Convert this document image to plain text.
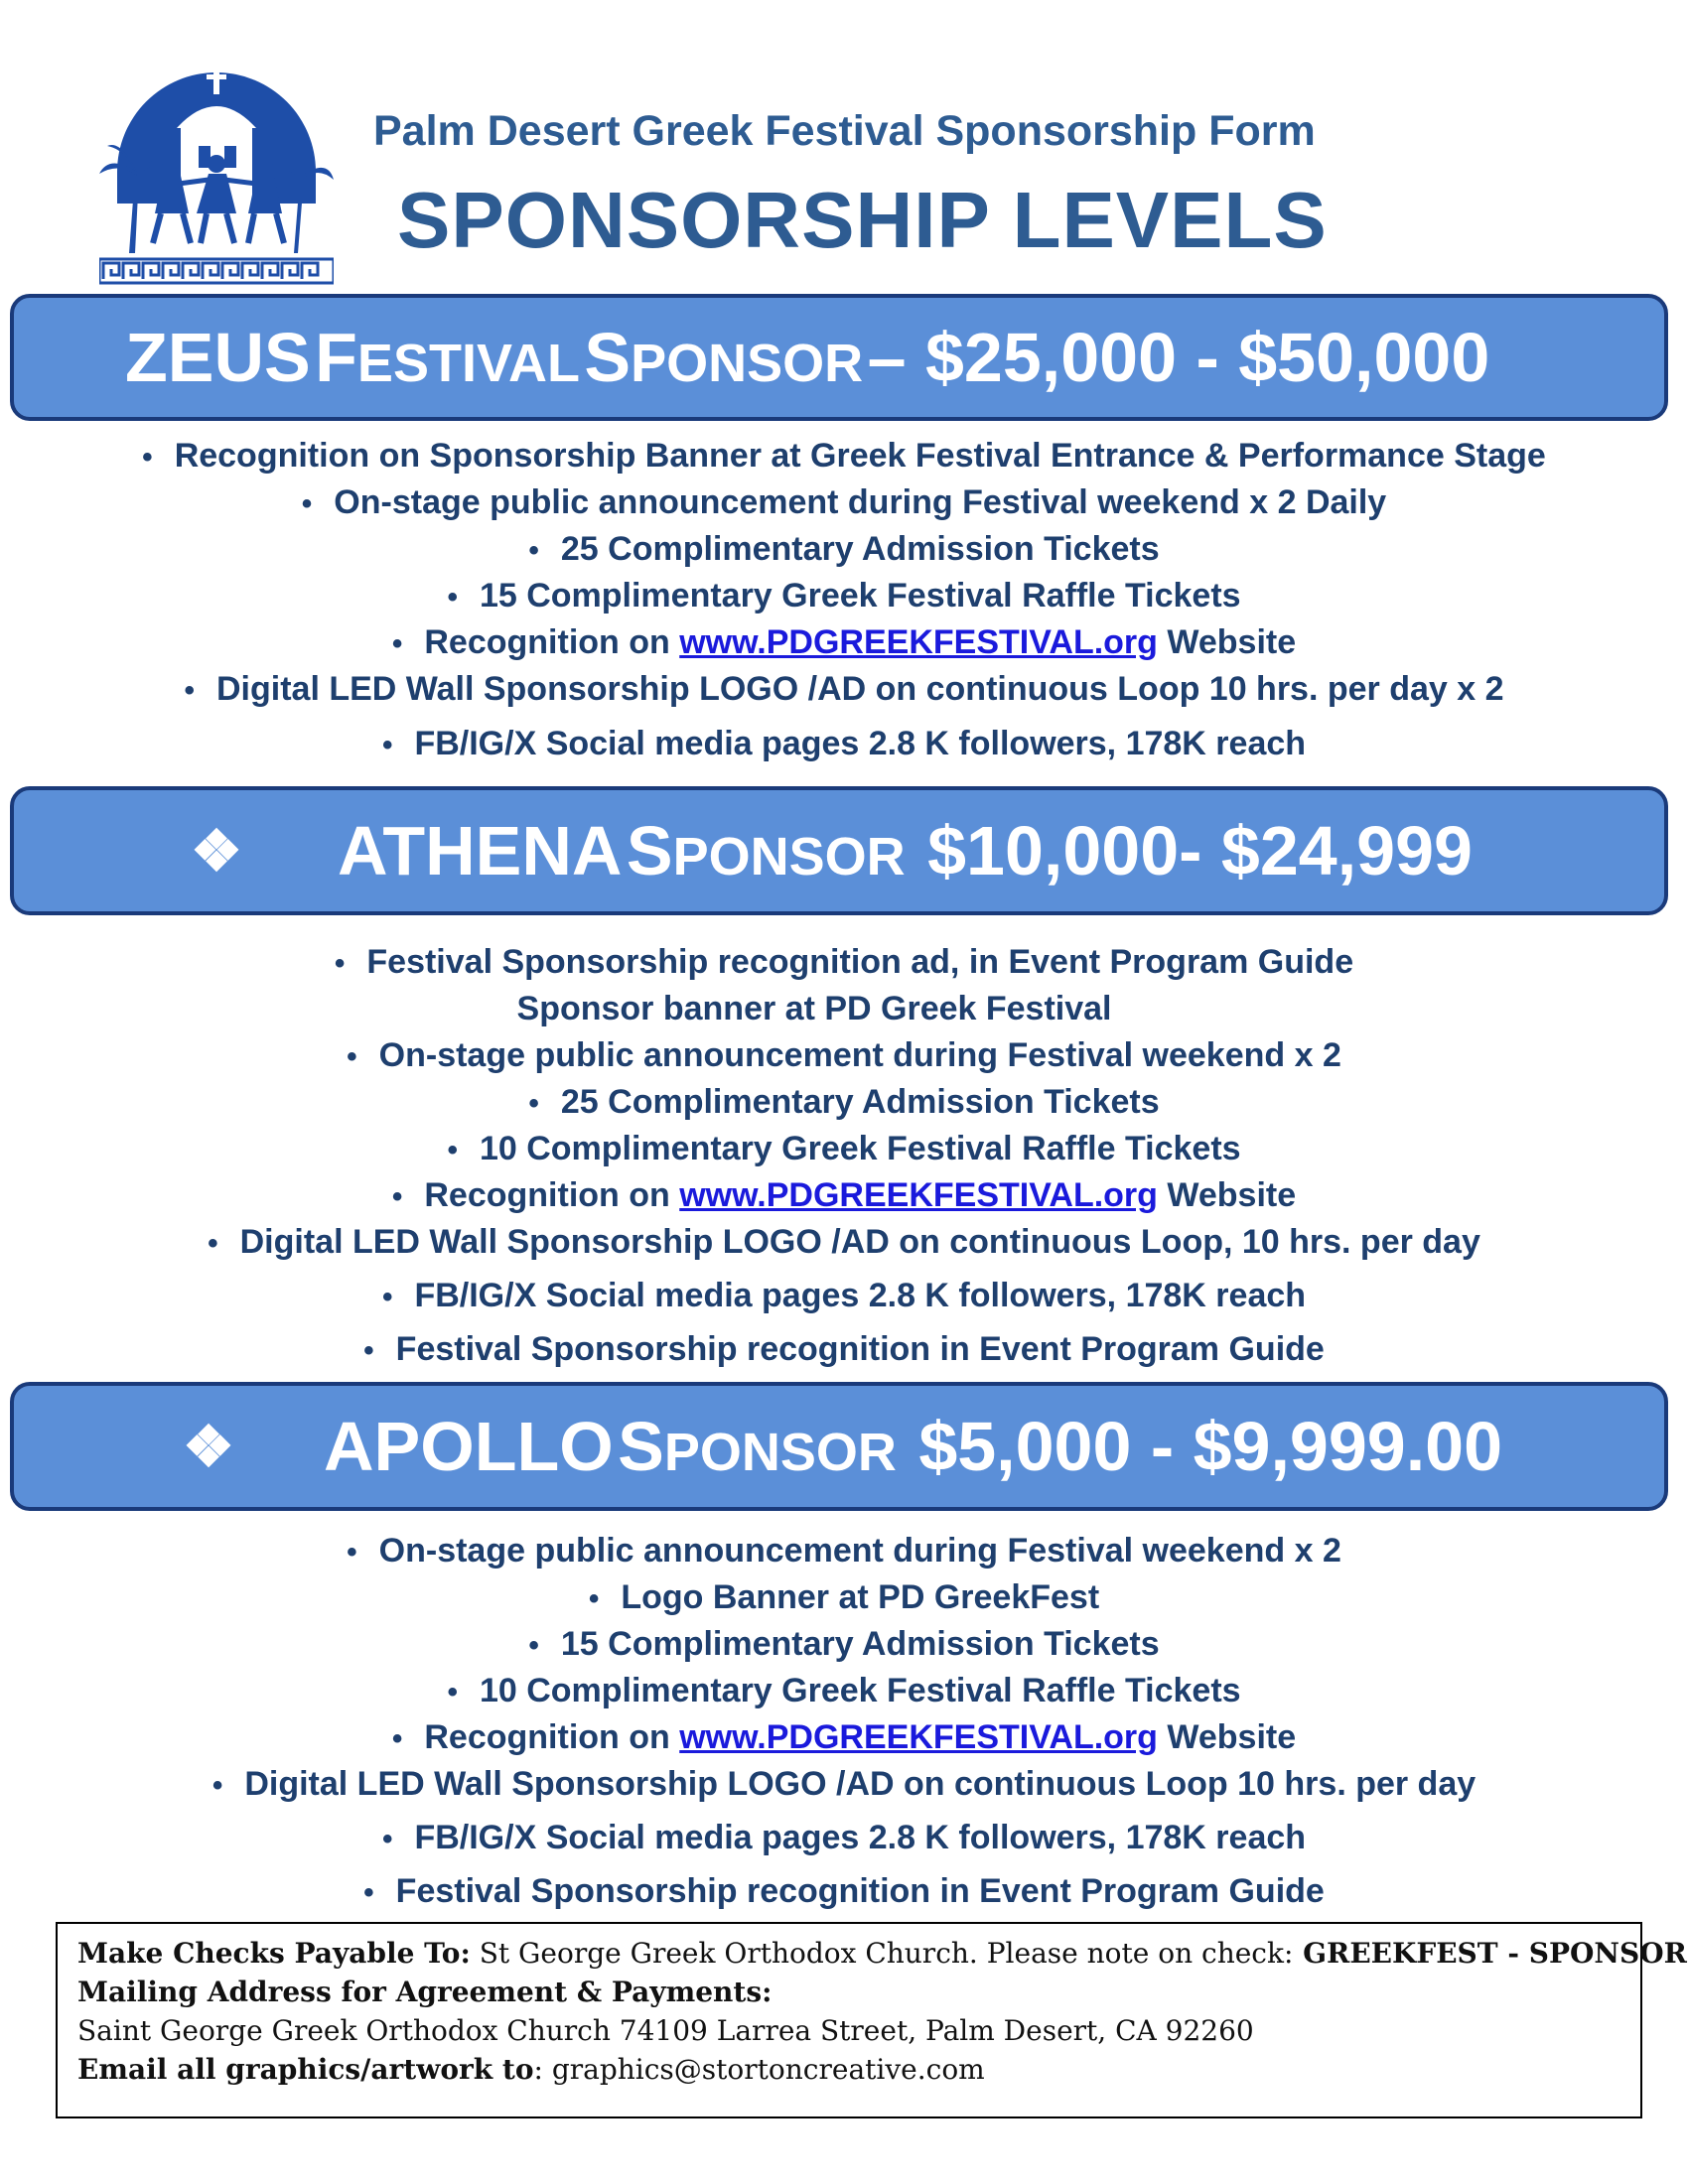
Palm Desert Greek Festival Sponsorship Form
SPONSORSHIP LEVELS
ZEUS FESTIVAL SPONSOR – $25,000 - $50,000
• Recognition on Sponsorship Banner at Greek Festival Entrance & Performance Stage
• On-stage public announcement during Festival weekend x 2 Daily
• 25 Complimentary Admission Tickets
• 15 Complimentary Greek Festival Raffle Tickets
• Recognition on www.PDGREEKFESTIVAL.org Website
• Digital LED Wall Sponsorship LOGO /AD on continuous Loop 10 hrs. per day x 2
• FB/IG/X Social media pages 2.8 K followers, 178K reach
❖ ATHENA SPONSOR $10,000- $24,999
• Festival Sponsorship recognition ad, in Event Program Guide
Sponsor banner at PD Greek Festival
• On-stage public announcement during Festival weekend x 2
• 25 Complimentary Admission Tickets
• 10 Complimentary Greek Festival Raffle Tickets
• Recognition on www.PDGREEKFESTIVAL.org Website
• Digital LED Wall Sponsorship LOGO /AD on continuous Loop, 10 hrs. per day
• FB/IG/X Social media pages 2.8 K followers, 178K reach
• Festival Sponsorship recognition in Event Program Guide
❖ APOLLO SPONSOR $5,000 - $9,999.00
• On-stage public announcement during Festival weekend x 2
• Logo Banner at PD GreekFest
• 15 Complimentary Admission Tickets
• 10 Complimentary Greek Festival Raffle Tickets
• Recognition on www.PDGREEKFESTIVAL.org Website
• Digital LED Wall Sponsorship LOGO /AD on continuous Loop 10 hrs. per day
• FB/IG/X Social media pages 2.8 K followers, 178K reach
• Festival Sponsorship recognition in Event Program Guide
Make Checks Payable To: St George Greek Orthodox Church. Please note on check: GREEKFEST - SPONSOR
Mailing Address for Agreement & Payments:
Saint George Greek Orthodox Church 74109 Larrea Street, Palm Desert, CA 92260
Email all graphics/artwork to: graphics@stortoncreative.com
